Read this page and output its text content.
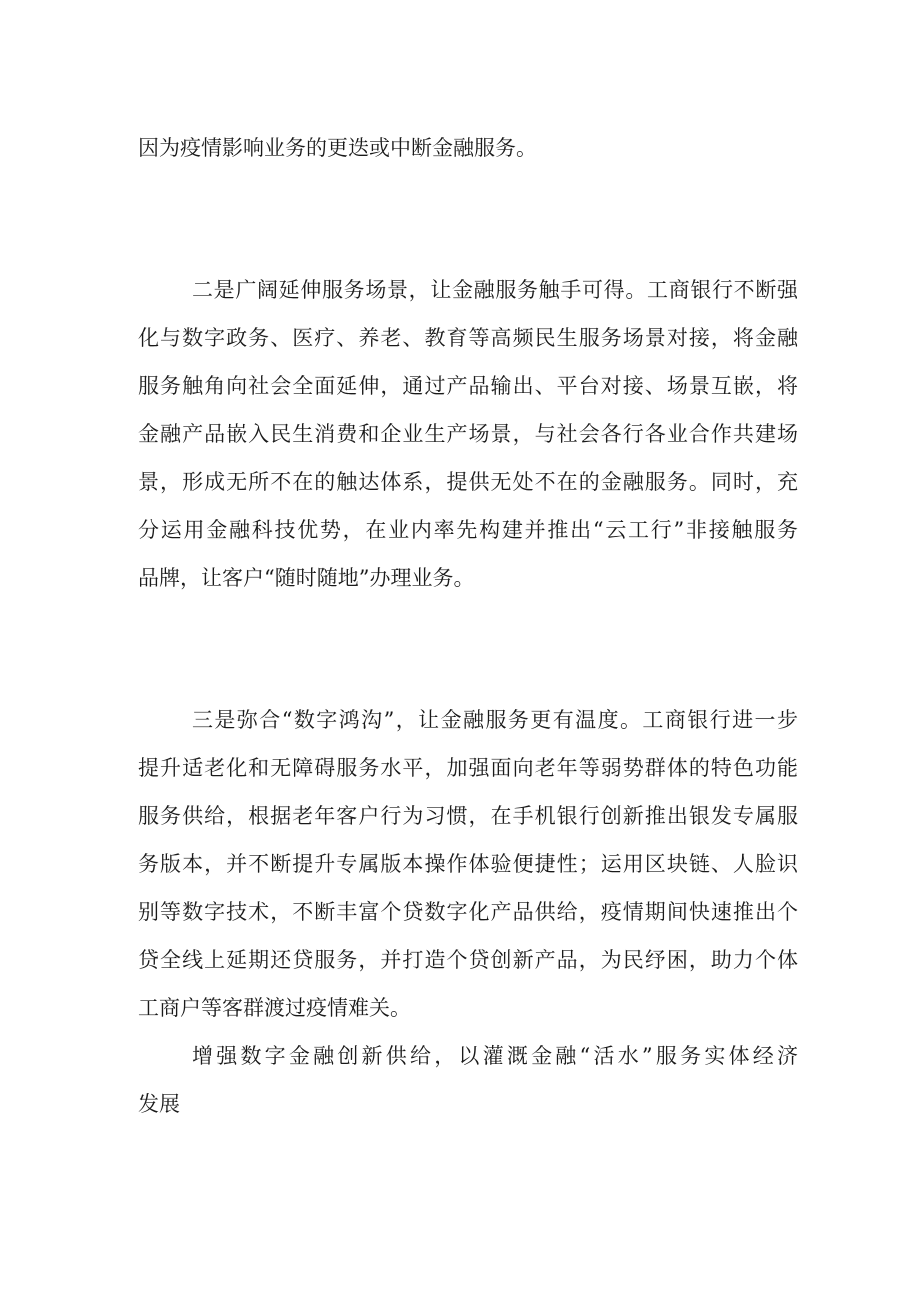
因为疫情影响业务的更迭或中断金融服务。
二是广阔延伸服务场景，让金融服务触手可得。工商银行不断强
化与数字政务、医疗、养老、教育等高频民生服务场景对接，将金融
服务触角向社会全面延伸，通过产品输出、平台对接、场景互嵌，将
金融产品嵌入民生消费和企业生产场景，与社会各行各业合作共建场
景，形成无所不在的触达体系，提供无处不在的金融服务。同时，充
分运用金融科技优势，在业内率先构建并推出“云工行”非接触服务
品牌，让客户“随时随地”办理业务。
三是弥合“数字鸿沟”，让金融服务更有温度。工商银行进一步
提升适老化和无障碍服务水平，加强面向老年等弱势群体的特色功能
服务供给，根据老年客户行为习惯，在手机银行创新推出银发专属服
务版本，并不断提升专属版本操作体验便捷性；运用区块链、人脸识
别等数字技术，不断丰富个贷数字化产品供给，疫情期间快速推出个
贷全线上延期还贷服务，并打造个贷创新产品，为民纾困，助力个体
工商户等客群渡过疫情难关。
增强数字金融创新供给，以灌溉金融“活水”服务实体经济
发展
